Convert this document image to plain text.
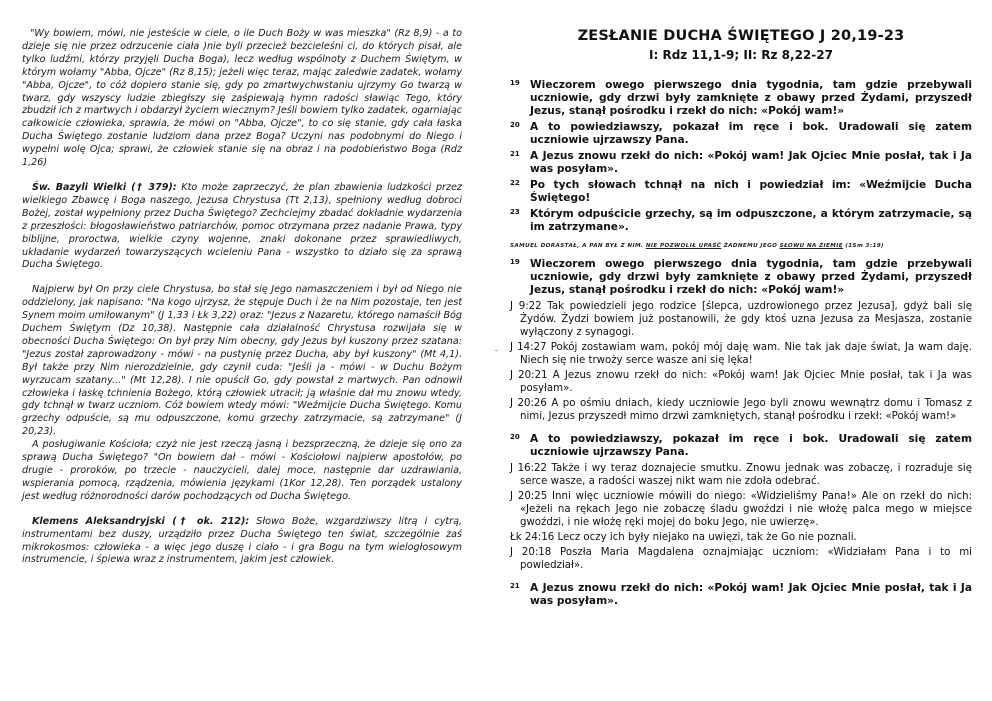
"Wy bowiem, mówi, nie jesteście w ciele, o ile Duch Boży w was mieszka" (Rz 8,9) - a to dzieje się nie przez odrzucenie ciała )nie byli przecież bezcieleśni ci, do których pisał, ale tylko ludźmi, którzy przyjęli Ducha Boga), lecz według wspólnoty z Duchem Świętym, w którym wołamy "Abba, Ojcze" (Rz 8,15); jeżeli więc teraz, mając zaledwie zadatek, wołamy "Abba, Ojcze", to cóż dopiero stanie się, gdy po zmartwychwstaniu ujrzymy Go twarzą w twarz, gdy wszyscy ludzie zbiegłszy się zaśpiewają hymn radości sławiąc Tego, który zbudził ich z martwych i obdarzył życiem wiecznym? Jeśli bowiem tylko zadatek, ogarniając całkowicie człowieka, sprawia, że mówi on "Abba, Ojcze", to co się stanie, gdy cała łaska Ducha Świętego zostanie ludziom dana przez Boga? Uczyni nas podobnymi do Niego i wypełni wolę Ojca; sprawi, że człowiek stanie się na obraz i na podobieństwo Boga (Rdz 1,26)

Św. Bazyli Wielki († 379): Kto może zaprzeczyć, że plan zbawienia ludzkości przez wielkiego Zbawcę i Boga naszego, Jezusa Chrystusa (Tt 2,13), spełniony według dobroci Bożej, został wypełniony przez Ducha Świętego? Zechciejmy zbadać dokładnie wydarzenia z przeszłości: błogosławieństwo patriarchów, pomoc otrzymana przez nadanie Prawa, typy biblijne, proroctwa, wielkie czyny wojenne, znaki dokonane przez sprawiedliwych, układanie wydarzeń towarzyszących wcieleniu Pana - wszystko to działo się za sprawą Ducha Świętego.

Najpierw był On przy ciele Chrystusa, bo stał się Jego namaszczeniem i był od Niego nie oddzielony, jak napisano: "Na kogo ujrzysz, że stępuje Duch i że na Nim pozostaje, ten jest Synem moim umiłowanym" (J 1,33 i Łk 3,22) oraz: "Jezus z Nazaretu, którego namaścił Bóg Duchem Świętym (Dz 10,38). Następnie cała działalność Chrystusa rozwijała się w obecności Ducha Świętego: On był przy Nim obecny, gdy Jezus był kuszony przez szatana: "Jezus został zaprowadzony - mówi - na pustynię przez Ducha, aby był kuszony" (Mt 4,1). Był także przy Nim nierozdzielnie, gdy czynił cuda: "Jeśli ja - mówi - w Duchu Bożym wyrzucam szatany..." (Mt 12,28). I nie opuścił Go, gdy powstał z martwych. Pan odnowił człowieka i łaskę tchnienia Bożego, którą człowiek utracił; ją właśnie dał mu znowu wtedy, gdy tchnął w twarz uczniom. Cóż bowiem wtedy mówi: "Weźmijcie Ducha Świętego. Komu grzechy odpuście, są mu odpuszczone, komu grzechy zatrzymacie, są zatrzymane" (J 20,23).

A posługiwanie Kościoła; czyż nie jest rzeczą jasną i bezsprzeczną, że dzieje się ono za sprawą Ducha Świętego? "On bowiem dał - mówi - Kościołowi najpierw apostołów, po drugie - proroków, po trzecie - nauczycieli, dalej moce, następnie dar uzdrawiania, wspierania pomocą, rządzenia, mówienia językami (1Kor 12,28). Ten porządek ustalony jest według różnorodności darów pochodzących od Ducha Świętego.

Klemens Aleksandryjski († ok. 212): Słowo Boże, wzgardziwszy litrą i cytrą, instrumentami bez duszy, urządziło przez Ducha Świętego ten świat, szczególnie zaś mikrokosmos: człowieka - a więc jego duszę i ciało - i gra Bogu na tym wielogłosowym instrumencie, i śpiewa wraz z instrumentem, jakim jest człowiek.

ZESŁANIE DUCHA ŚWIĘTEGO J 20,19-23
I: Rdz 11,1-9; II: Rz 8,22-27
19 Wieczorem owego pierwszego dnia tygodnia, tam gdzie przebywali uczniowie, gdy drzwi były zamknięte z obawy przed Żydami, przyszedł Jezus, stanął pośrodku i rzekł do nich: «Pokój wam!»
20 A to powiedziawszy, pokazał im ręce i bok. Uradowali się zatem uczniowie ujrzawszy Pana.
21 A Jezus znowu rzekł do nich: «Pokój wam! Jak Ojciec Mnie posłał, tak i Ja was posyłam».
22 Po tych słowach tchnął na nich i powiedział im: «Weźmijcie Ducha Świętego!
23 Którym odpuścicie grzechy, są im odpuszczone, a którym zatrzymacie, są im zatrzymane».
SAMUEL DORASTAŁ, A PAN BYŁ Z NIM. NIE POZWOLIŁ UPAŚĆ ŻADNEMU JEGO SŁOWU NA ZIEMIĘ (1Sm 3:19)
19 Wieczorem owego pierwszego dnia tygodnia, tam gdzie przebywali uczniowie, gdy drzwi były zamknięte z obawy przed Żydami, przyszedł Jezus, stanął pośrodku i rzekł do nich: «Pokój wam!»
J 9:22 Tak powiedzieli jego rodzice [ślepca, uzdrowionego przez Jezusa], gdyż bali się Żydów. Żydzi bowiem już postanowili, że gdy ktoś uzna Jezusa za Mesjasza, zostanie wyłączony z synagogi.
J 14:27 Pokój zostawiam wam, pokój mój daję wam. Nie tak jak daje świat, Ja wam daję. Niech się nie trwoży serce wasze ani się lęka!
J 20:21 A Jezus znowu rzekł do nich: «Pokój wam! Jak Ojciec Mnie posłał, tak i Ja was posyłam».
J 20:26 A po ośmiu dniach, kiedy uczniowie Jego byli znowu wewnątrz domu i Tomasz z nimi, Jezus przyszedł mimo drzwi zamkniętych, stanął pośrodku i rzekł: «Pokój wam!»
20 A to powiedziawszy, pokazał im ręce i bok. Uradowali się zatem uczniowie ujrzawszy Pana.
J 16:22 Także i wy teraz doznajecie smutku. Znowu jednak was zobaczę, i rozraduje się serce wasze, a radości waszej nikt wam nie zdoła odebrać.
J 20:25 Inni więc uczniowie mówili do niego: «Widzieliśmy Pana!» Ale on rzekł do nich: «Jeżeli na rękach Jego nie zobaczę śladu gwoździ i nie włożę palca mego w miejsce gwoździ, i nie włożę ręki mojej do boku Jego, nie uwierzę».
Łk 24:16 Lecz oczy ich były niejako na uwięzi, tak że Go nie poznali.
J 20:18 Poszła Maria Magdalena oznajmiając uczniom: «Widziałam Pana i to mi powiedział».
21 A Jezus znowu rzekł do nich: «Pokój wam! Jak Ojciec Mnie posłał, tak i Ja was posyłam».
